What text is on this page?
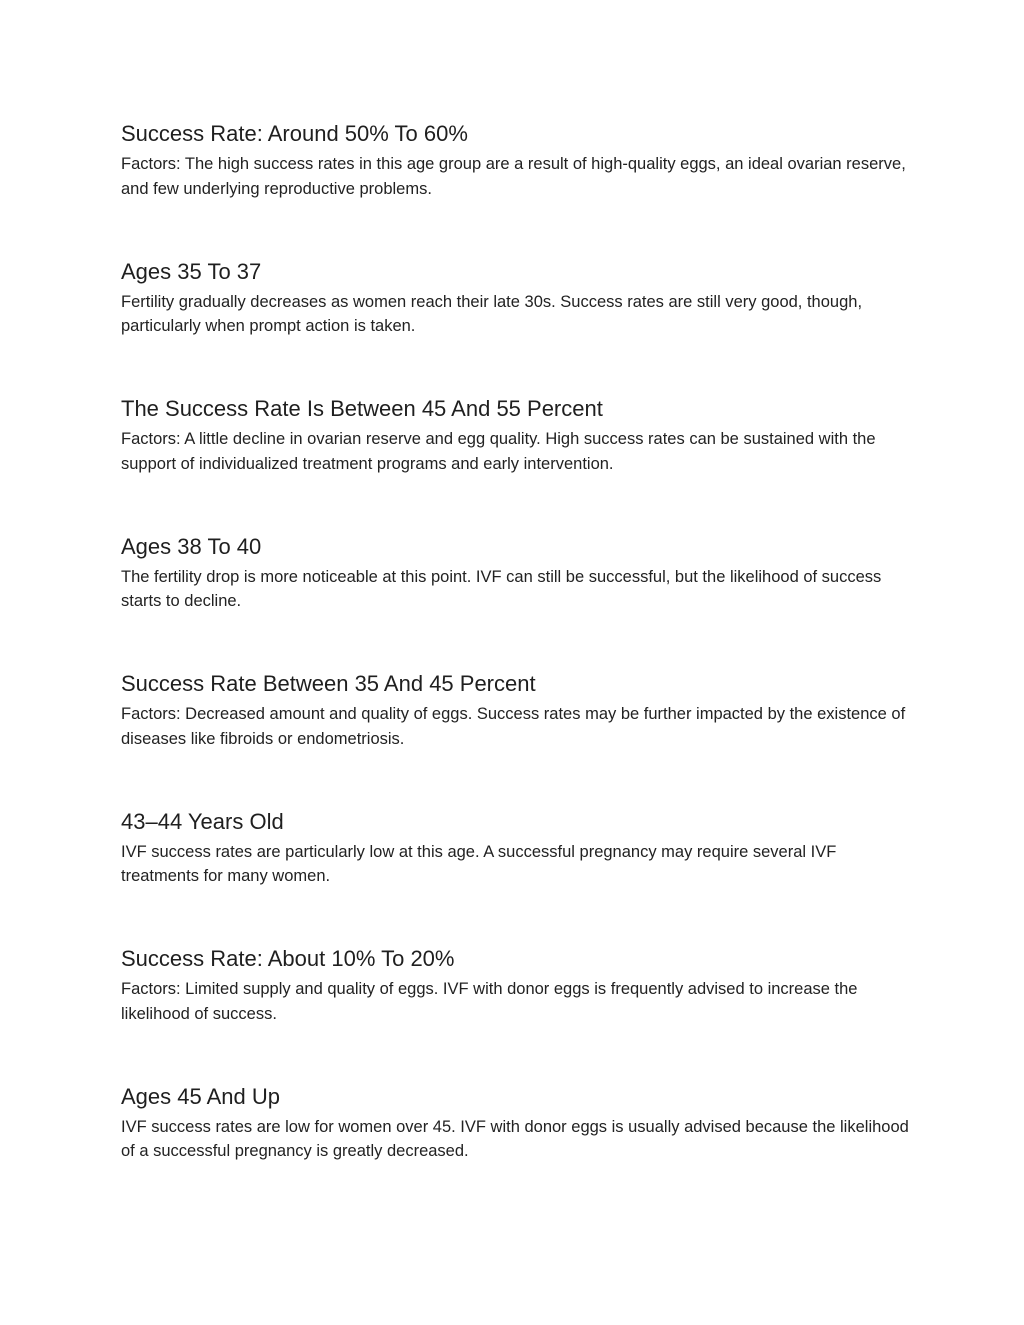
Success Rate: Around 50% To 60%

Factors: The high success rates in this age group are a result of high-quality eggs, an ideal ovarian reserve, and few underlying reproductive problems.

Ages 35 To 37

Fertility gradually decreases as women reach their late 30s. Success rates are still very good, though, particularly when prompt action is taken.

The Success Rate Is Between 45 And 55 Percent

Factors: A little decline in ovarian reserve and egg quality. High success rates can be sustained with the support of individualized treatment programs and early intervention.

Ages 38 To 40

The fertility drop is more noticeable at this point. IVF can still be successful, but the likelihood of success starts to decline.

Success Rate Between 35 And 45 Percent

Factors: Decreased amount and quality of eggs. Success rates may be further impacted by the existence of diseases like fibroids or endometriosis.

43–44 Years Old

IVF success rates are particularly low at this age. A successful pregnancy may require several IVF treatments for many women.

Success Rate: About 10% To 20%

Factors: Limited supply and quality of eggs. IVF with donor eggs is frequently advised to increase the likelihood of success.

Ages 45 And Up

IVF success rates are low for women over 45. IVF with donor eggs is usually advised because the likelihood of a successful pregnancy is greatly decreased.
